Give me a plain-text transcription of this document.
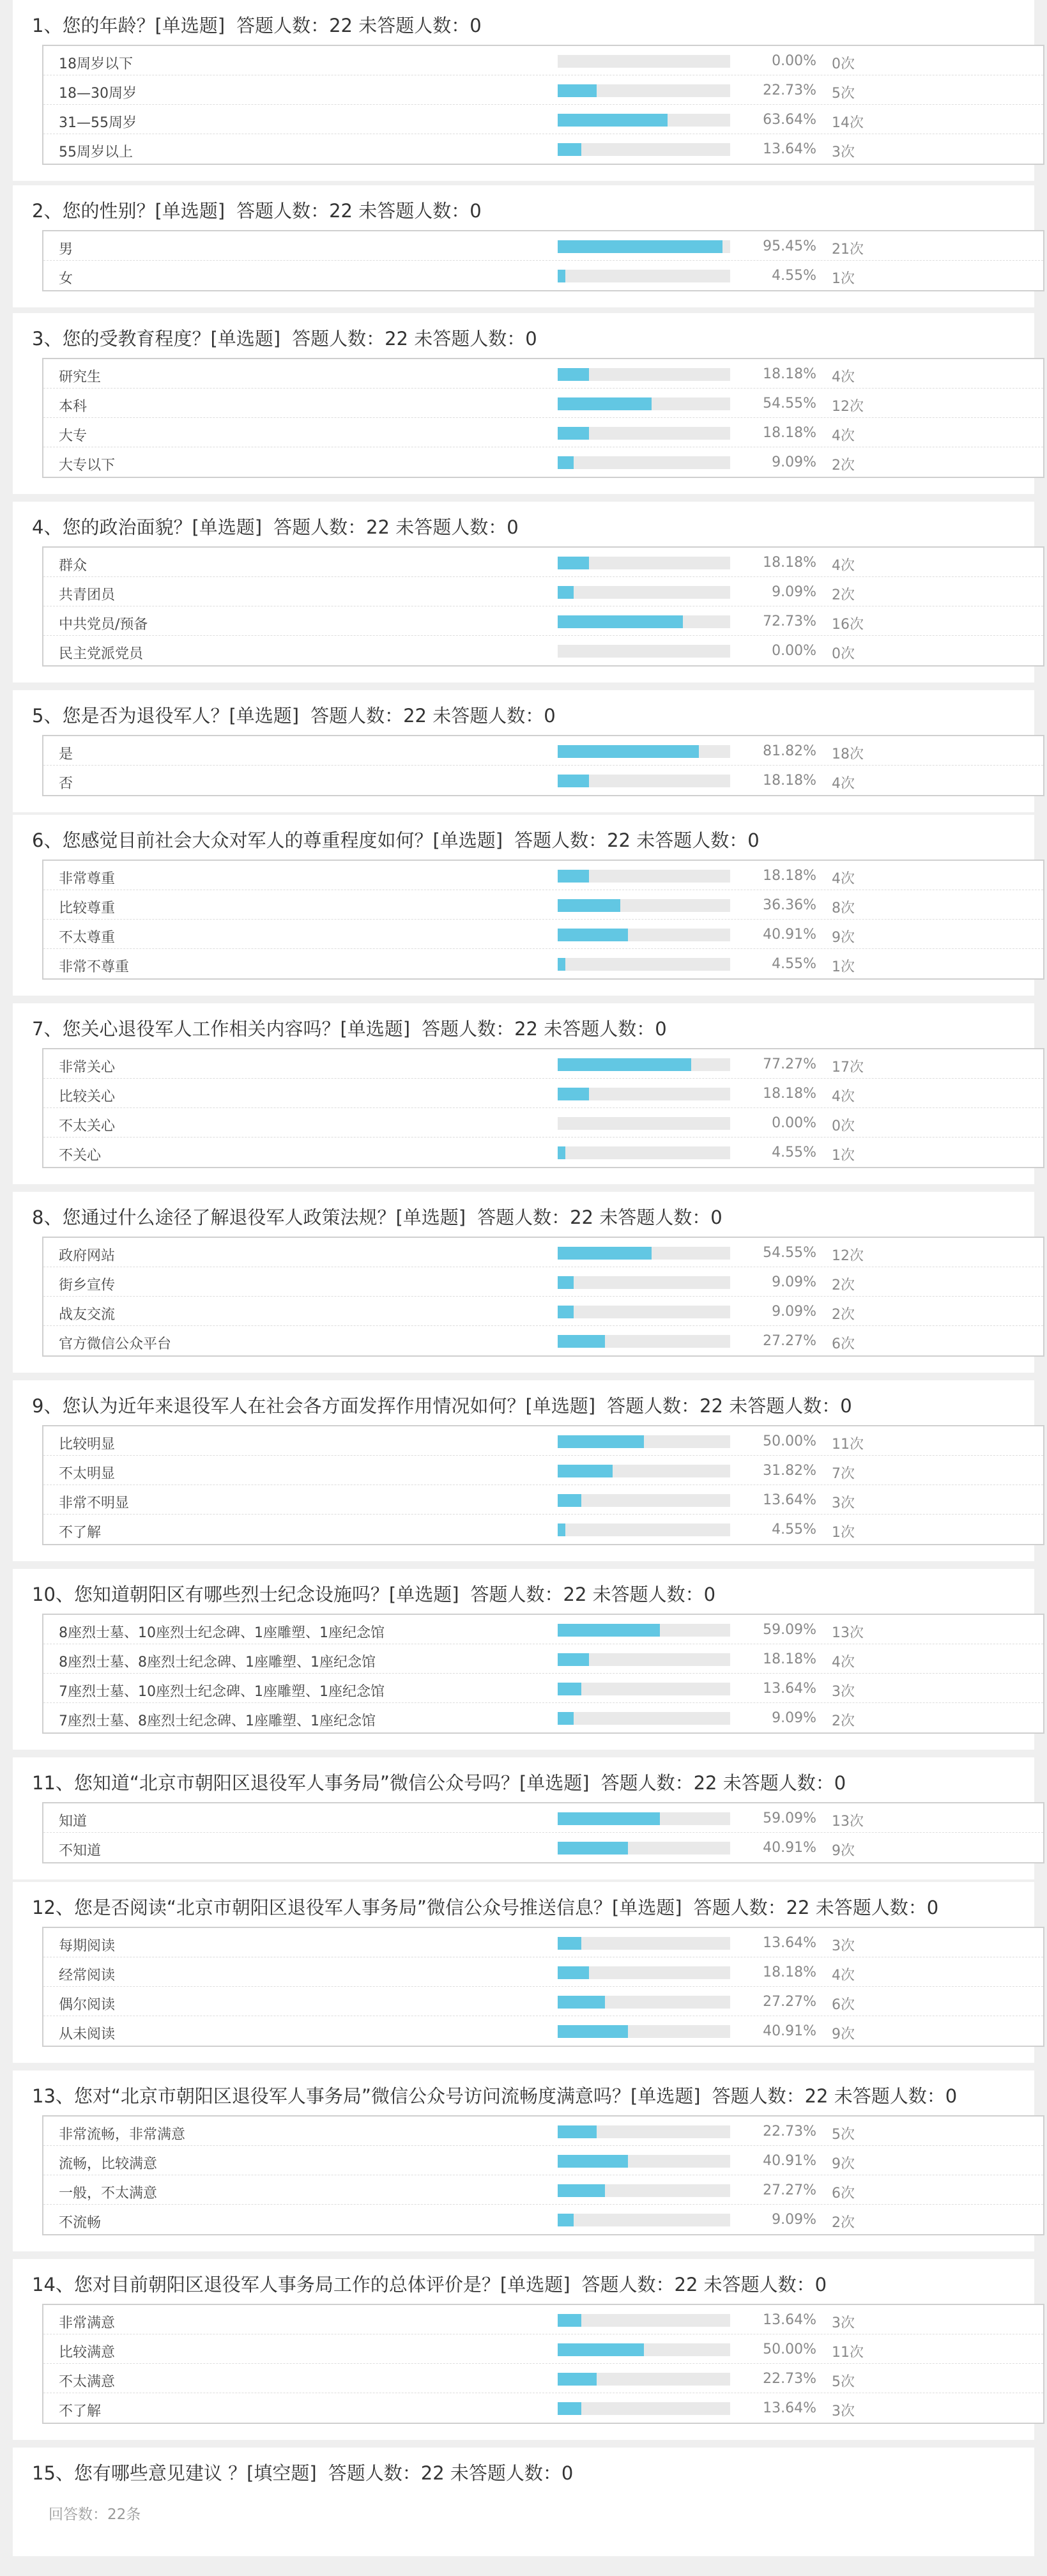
1、您的年龄？[单选题] 答题人数：22 未答题人数：0
18周岁以下	0.00% 0次
18—30周岁	22.73% 5次
31—55周岁	63.64% 14次
55周岁以上	13.64% 3次
2、您的性别？[单选题] 答题人数：22 未答题人数：0
男	95.45% 21次
女	4.55% 1次
3、您的受教育程度？[单选题] 答题人数：22 未答题人数：0
研究生	18.18% 4次
本科	54.55% 12次
大专	18.18% 4次
大专以下	9.09% 2次
4、您的政治面貌？[单选题] 答题人数：22 未答题人数：0
群众	18.18% 4次
共青团员	9.09% 2次
中共党员/预备	72.73% 16次
民主党派党员	0.00% 0次
5、您是否为退役军人？[单选题] 答题人数：22 未答题人数：0
是	81.82% 18次
否	18.18% 4次
6、您感觉目前社会大众对军人的尊重程度如何？[单选题] 答题人数：22 未答题人数：0
非常尊重	18.18% 4次
比较尊重	36.36% 8次
不太尊重	40.91% 9次
非常不尊重	4.55% 1次
7、您关心退役军人工作相关内容吗？[单选题] 答题人数：22 未答题人数：0
非常关心	77.27% 17次
比较关心	18.18% 4次
不太关心	0.00% 0次
不关心	4.55% 1次
8、您通过什么途径了解退役军人政策法规？[单选题] 答题人数：22 未答题人数：0
政府网站	54.55% 12次
街乡宣传	9.09% 2次
战友交流	9.09% 2次
官方微信公众平台	27.27% 6次
9、您认为近年来退役军人在社会各方面发挥作用情况如何？[单选题] 答题人数：22 未答题人数：0
比较明显	50.00% 11次
不太明显	31.82% 7次
非常不明显	13.64% 3次
不了解	4.55% 1次
10、您知道朝阳区有哪些烈士纪念设施吗？[单选题] 答题人数：22 未答题人数：0
8座烈士墓、10座烈士纪念碑、1座雕塑、1座纪念馆	59.09% 13次
8座烈士墓、8座烈士纪念碑、1座雕塑、1座纪念馆	18.18% 4次
7座烈士墓、10座烈士纪念碑、1座雕塑、1座纪念馆	13.64% 3次
7座烈士墓、8座烈士纪念碑、1座雕塑、1座纪念馆	9.09% 2次
11、您知道“北京市朝阳区退役军人事务局”微信公众号吗？[单选题] 答题人数：22 未答题人数：0
知道	59.09% 13次
不知道	40.91% 9次
12、您是否阅读“北京市朝阳区退役军人事务局”微信公众号推送信息？[单选题] 答题人数：22 未答题人数：0
每期阅读	13.64% 3次
经常阅读	18.18% 4次
偶尔阅读	27.27% 6次
从未阅读	40.91% 9次
13、您对“北京市朝阳区退役军人事务局”微信公众号访问流畅度满意吗？[单选题] 答题人数：22 未答题人数：0
非常流畅，非常满意	22.73% 5次
流畅，比较满意	40.91% 9次
一般，不太满意	27.27% 6次
不流畅	9.09% 2次
14、您对目前朝阳区退役军人事务局工作的总体评价是？[单选题] 答题人数：22 未答题人数：0
非常满意	13.64% 3次
比较满意	50.00% 11次
不太满意	22.73% 5次
不了解	13.64% 3次
15、您有哪些意见建议 ？[填空题] 答题人数：22 未答题人数：0
回答数：22条
